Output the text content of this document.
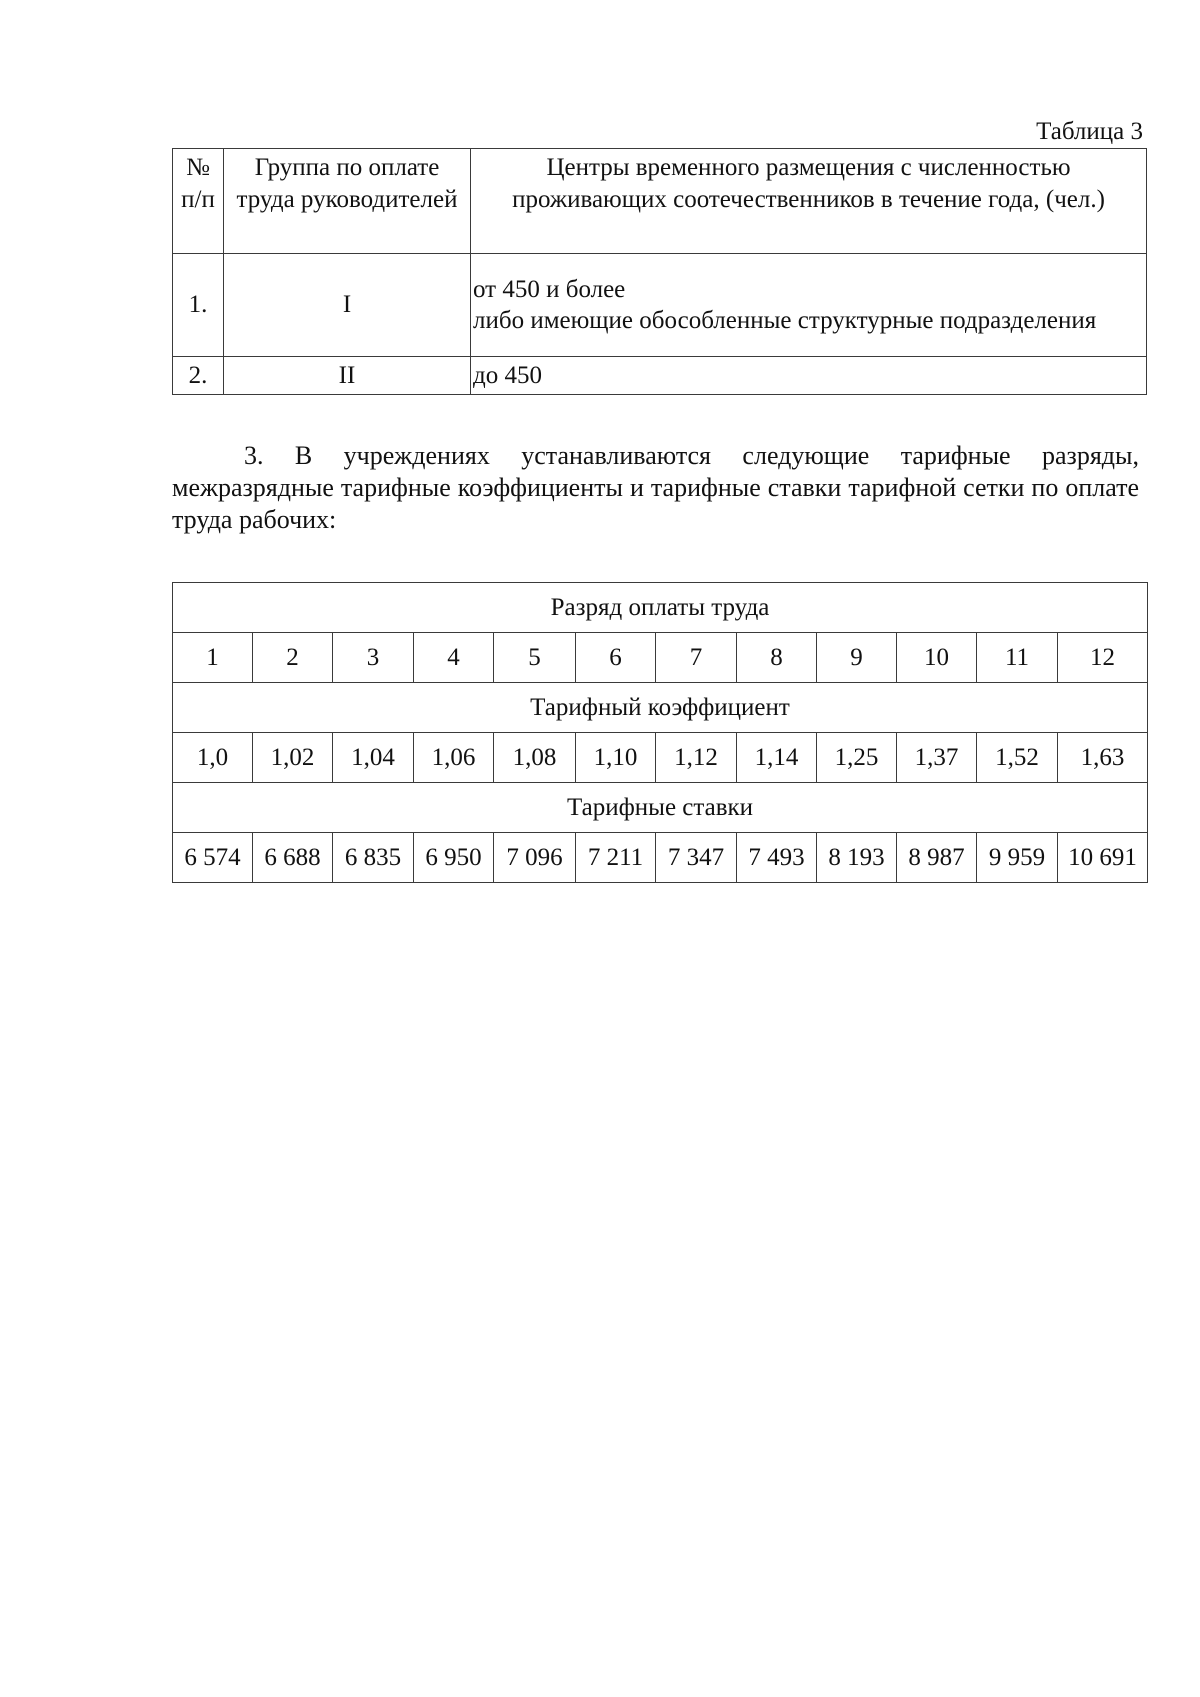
Таблица 3
№ п/п	Группа по оплате труда руководителей	Центры временного размещения с численностью проживающих соотечественников в течение года, (чел.)
1.	I	от 450 и более
либо имеющие обособленные структурные подразделения

2.	II	до 450

3. В учреждениях устанавливаются следующие тарифные разряды, межразрядные тарифные коэффициенты и тарифные ставки тарифной сетки по оплате труда рабочих:

Разряд оплаты труда											
1	2	3	4	5	6	7	8	9	10	11	12
Тарифный коэффициент											
1,0	1,02	1,04	1,06	1,08	1,10	1,12	1,14	1,25	1,37	1,52	1,63
Тарифные ставки											
6 574	6 688	6 835	6 950	7 096	7 211	7 347	7 493	8 193	8 987	9 959	10 691
